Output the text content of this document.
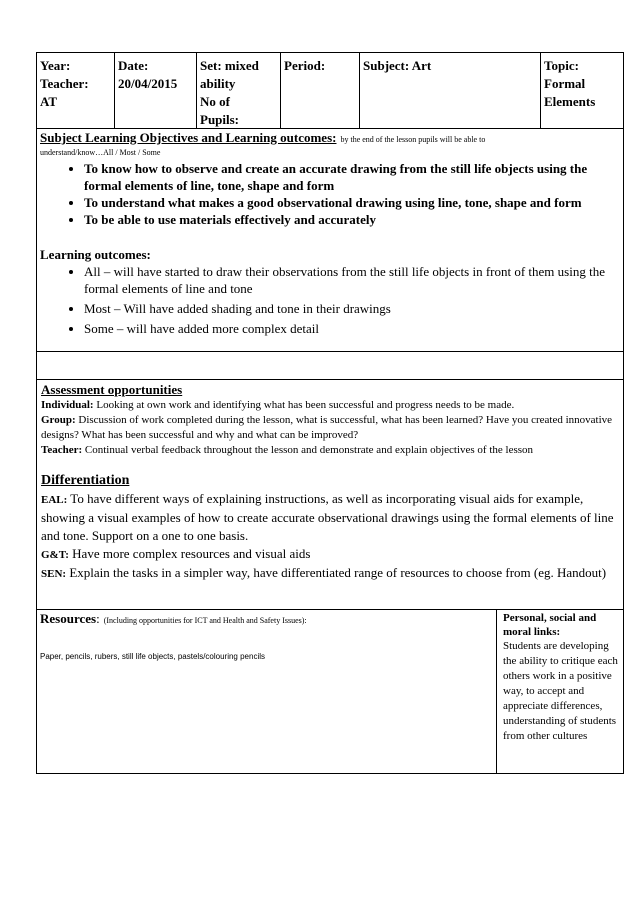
Year:
Teacher:
AT
Date:
20/04/2015
Set: mixed
ability
No of
Pupils:
Period:	Subject: Art	Topic:
Formal
Elements
Subject Learning Objectives and Learning outcomes: by the end of the lesson pupils will be able to
understand/know…All / Most / Some
• To know how to observe and create an accurate drawing from the still life objects using the formal elements of line, tone, shape and form
• To understand what makes a good observational drawing using line, tone, shape and form
• To be able to use materials effectively and accurately
Learning outcomes:
• All – will have started to draw their observations from the still life objects in front of them using the formal elements of line and tone
• Most – Will have added shading and tone in their drawings
• Some – will have added more complex detail
Assessment opportunities

Individual: Looking at own work and identifying what has been successful and progress needs to be made.

Group: Discussion of work completed during the lesson, what is successful, what has been learned? Have you created innovative designs? What has been successful and why and what can be improved?

Teacher: Continual verbal feedback throughout the lesson and demonstrate and explain objectives of the lesson

Differentiation

EAL: To have different ways of explaining instructions, as well as incorporating visual aids for example, showing a visual examples of how to create accurate observational drawings using the formal elements of line and tone. Support on a one to one basis.

G&T: Have more complex resources and visual aids

SEN: Explain the tasks in a simpler way, have differentiated range of resources to choose from (eg. Handout)

Resources: (Including opportunities for ICT and Health and Safety Issues):
Paper, pencils, rubers, still life objects, pastels/colouring pencils
Personal, social and moral links:
Students are developing the ability to critique each others work in a positive way, to accept and appreciate differences, understanding of students from other cultures
